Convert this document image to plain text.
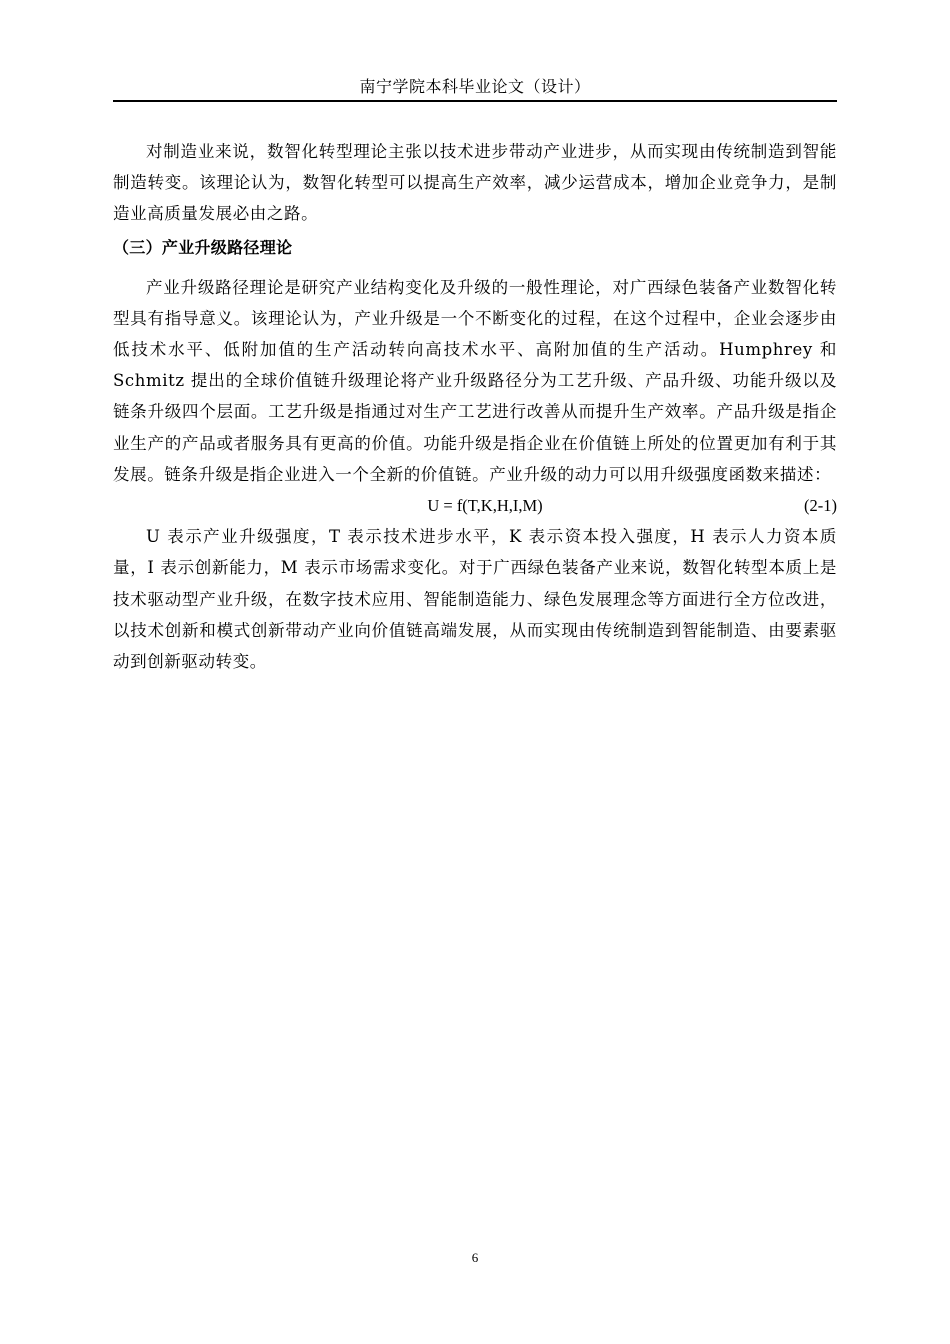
南宁学院本科毕业论文（设计）

对制造业来说，数智化转型理论主张以技术进步带动产业进步，从而实现由传统制造到智能制造转变。该理论认为，数智化转型可以提高生产效率，减少运营成本，增加企业竞争力，是制造业高质量发展必由之路。

（三）产业升级路径理论

产业升级路径理论是研究产业结构变化及升级的一般性理论，对广西绿色装备产业数智化转型具有指导意义。该理论认为，产业升级是一个不断变化的过程，在这个过程中，企业会逐步由低技术水平、低附加值的生产活动转向高技术水平、高附加值的生产活动。Humphrey 和 Schmitz 提出的全球价值链升级理论将产业升级路径分为工艺升级、产品升级、功能升级以及链条升级四个层面。工艺升级是指通过对生产工艺进行改善从而提升生产效率。产品升级是指企业生产的产品或者服务具有更高的价值。功能升级是指企业在价值链上所处的位置更加有利于其发展。链条升级是指企业进入一个全新的价值链。产业升级的动力可以用升级强度函数来描述：

U = f(T,K,H,I,M)	(2-1)

U 表示产业升级强度，T 表示技术进步水平，K 表示资本投入强度，H 表示人力资本质量，I 表示创新能力，M 表示市场需求变化。对于广西绿色装备产业来说，数智化转型本质上是技术驱动型产业升级，在数字技术应用、智能制造能力、绿色发展理念等方面进行全方位改进，以技术创新和模式创新带动产业向价值链高端发展，从而实现由传统制造到智能制造、由要素驱动到创新驱动转变。

6
